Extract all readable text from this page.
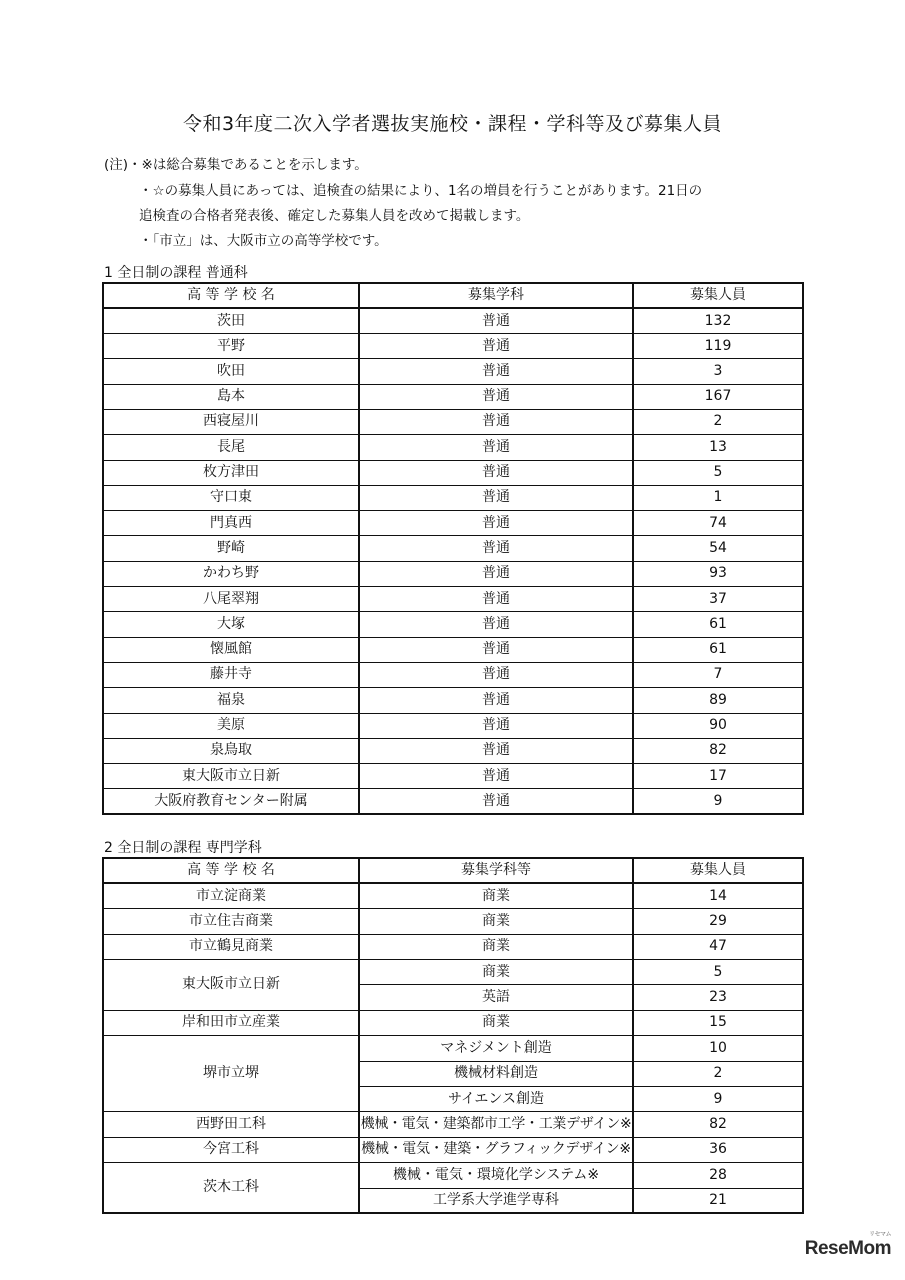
令和3年度二次入学者選抜実施校・課程・学科等及び募集人員
(注)・※は総合募集であることを示します。
・☆の募集人員にあっては、追検査の結果により、1名の増員を行うことがあります。21日の
追検査の合格者発表後、確定した募集人員を改めて掲載します。
・「市立」は、大阪市立の高等学校です。
1 全日制の課程 普通科
高 等 学 校 名	募集学科	募集人員
茨田	普通	132
平野	普通	119
吹田	普通	3
島本	普通	167
西寝屋川	普通	2
長尾	普通	13
枚方津田	普通	5
守口東	普通	1
門真西	普通	74
野崎	普通	54
かわち野	普通	93
八尾翠翔	普通	37
大塚	普通	61
懐風館	普通	61
藤井寺	普通	7
福泉	普通	89
美原	普通	90
泉鳥取	普通	82
東大阪市立日新	普通	17
大阪府教育センター附属	普通	9
2 全日制の課程 専門学科
高 等 学 校 名	募集学科等	募集人員
市立淀商業	商業	14
市立住吉商業	商業	29
市立鶴見商業	商業	47
東大阪市立日新	商業	5
	英語	23
岸和田市立産業	商業	15
堺市立堺	マネジメント創造	10
	機械材料創造	2
	サイエンス創造	9
西野田工科	機械・電気・建築都市工学・工業デザイン※	82
今宮工科	機械・電気・建築・グラフィックデザイン※	36
茨木工科	機械・電気・環境化学システム※	28
	工学系大学進学専科	21
リセマム
ReseMom
